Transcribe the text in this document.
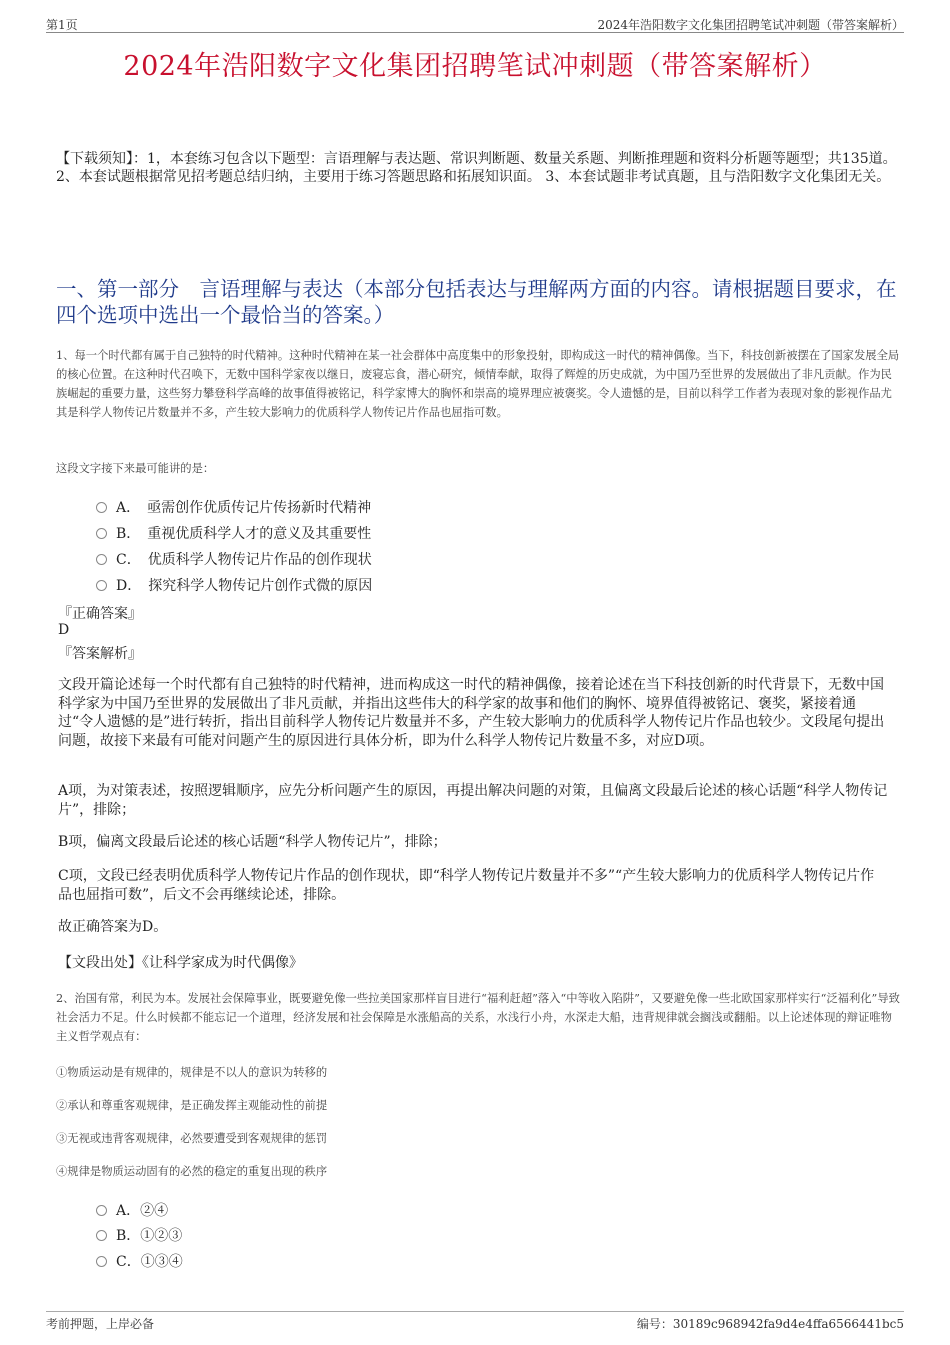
第1页	2024年浩阳数字文化集团招聘笔试冲刺题（带答案解析）
2024年浩阳数字文化集团招聘笔试冲刺题（带答案解析）
【下载须知】：1，本套练习包含以下题型：言语理解与表达题、常识判断题、数量关系题、判断推理题和资料分析题等题型；共135道。 2、本套试题根据常见招考题总结归纳，主要用于练习答题思路和拓展知识面。 3、本套试题非考试真题，且与浩阳数字文化集团无关。
一、第一部分　言语理解与表达（本部分包括表达与理解两方面的内容。请根据题目要求，在四个选项中选出一个最恰当的答案。）
1、每一个时代都有属于自己独特的时代精神。这种时代精神在某一社会群体中高度集中的形象投射，即构成这一时代的精神偶像。当下，科技创新被摆在了国家发展全局的核心位置。在这种时代召唤下，无数中国科学家夜以继日，废寝忘食，潜心研究，倾情奉献，取得了辉煌的历史成就，为中国乃至世界的发展做出了非凡贡献。作为民族崛起的重要力量，这些努力攀登科学高峰的故事值得被铭记，科学家博大的胸怀和崇高的境界理应被褒奖。令人遗憾的是，目前以科学工作者为表现对象的影视作品尤其是科学人物传记片数量并不多，产生较大影响力的优质科学人物传记片作品也屈指可数。
这段文字接下来最可能讲的是：
A．　亟需创作优质传记片传扬新时代精神
B．　重视优质科学人才的意义及其重要性
C．　优质科学人物传记片作品的创作现状
D．　探究科学人物传记片创作式微的原因
『正确答案』
D
『答案解析』
文段开篇论述每一个时代都有自己独特的时代精神，进而构成这一时代的精神偶像，接着论述在当下科技创新的时代背景下，无数中国科学家为中国乃至世界的发展做出了非凡贡献，并指出这些伟大的科学家的故事和他们的胸怀、境界值得被铭记、褒奖，紧接着通过“令人遗憾的是”进行转折，指出目前科学人物传记片数量并不多，产生较大影响力的优质科学人物传记片作品也较少。文段尾句提出问题，故接下来最有可能对问题产生的原因进行具体分析，即为什么科学人物传记片数量不多，对应D项。
A项，为对策表述，按照逻辑顺序，应先分析问题产生的原因，再提出解决问题的对策，且偏离文段最后论述的核心话题“科学人物传记片”，排除；
B项，偏离文段最后论述的核心话题“科学人物传记片”，排除；
C项，文段已经表明优质科学人物传记片作品的创作现状，即“科学人物传记片数量并不多”“产生较大影响力的优质科学人物传记片作品也屈指可数”，后文不会再继续论述，排除。
故正确答案为D。
【文段出处】《让科学家成为时代偶像》
2、治国有常，利民为本。发展社会保障事业，既要避免像一些拉美国家那样盲目进行“福利赶超”落入“中等收入陷阱”，又要避免像一些北欧国家那样实行“泛福利化”导致社会活力不足。什么时候都不能忘记一个道理，经济发展和社会保障是水涨船高的关系，水浅行小舟，水深走大船，违背规律就会搁浅或翻船。以上论述体现的辩证唯物主义哲学观点有：
①物质运动是有规律的，规律是不以人的意识为转移的
②承认和尊重客观规律，是正确发挥主观能动性的前提
③无视或违背客观规律，必然要遭受到客观规律的惩罚
④规律是物质运动固有的必然的稳定的重复出现的秩序
A．②④
B．①②③
C．①③④
考前押题，上岸必备	编号：30189c968942fa9d4e4ffa6566441bc5
